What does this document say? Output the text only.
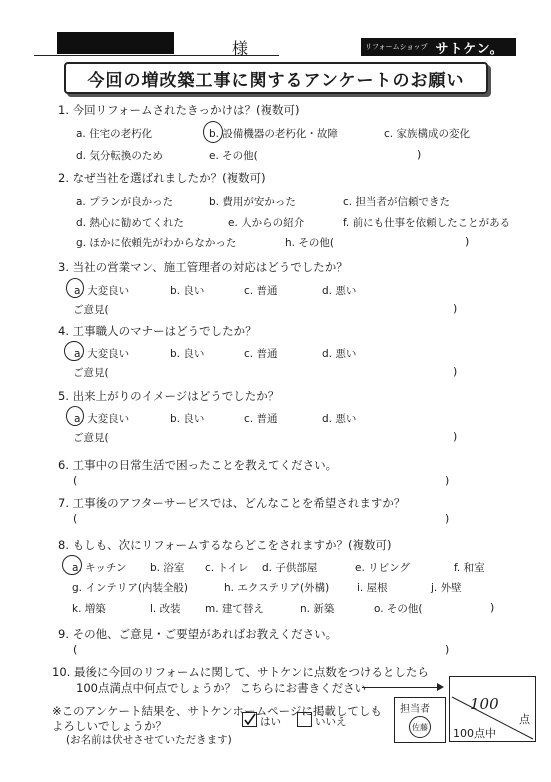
様	リフォームショップ サトケン。
今回の増改築工事に関するアンケートのお願い
1. 今回リフォームされたきっかけは？(複数可)
a. 住宅の老朽化	b. 設備機器の老朽化・故障	c. 家族構成の変化
d. 気分転換のため	e. その他(	)
2. なぜ当社を選ばれましたか？(複数可)
a. プランが良かった	b. 費用が安かった	c. 担当者が信頼できた
d. 熱心に勧めてくれた	e. 人からの紹介	f. 前にも仕事を依頼したことがある
g. ほかに依頼先がわからなかった	h. その他(	)
3. 当社の営業マン、施工管理者の対応はどうでしたか？
a. 大変良い	b. 良い	c. 普通	d. 悪い
ご意見(	)
4. 工事職人のマナーはどうでしたか？
a. 大変良い	b. 良い	c. 普通	d. 悪い
ご意見(	)
5. 出来上がりのイメージはどうでしたか？
a. 大変良い	b. 良い	c. 普通	d. 悪い
ご意見(	)
6. 工事中の日常生活で困ったことを教えてください。
(	)
7. 工事後のアフターサービスでは、どんなことを希望されますか？
(	)
8. もしも、次にリフォームするならどこをされますか？(複数可)
a. キッチン b. 浴室 c. トイレ d. 子供部屋	e. リビング	f. 和室
g. インテリア(内装全般)	h. エクステリア(外構)	i. 屋根	j. 外壁
k. 増築	l. 改装 m. 建て替え	n. 新築	o. その他(	)
9. その他、ご意見・ご要望があればお教えください。
(	)
10. 最後に今回のリフォームに関して、サトケンに点数をつけるとしたら
100点満点中何点でしょうか？ こちらにお書きください
100
点
100点中
※このアンケート結果を、サトケンホームページに掲載してしも
よろしいでしょうか？	はい	いいえ
(お名前は伏せさせていただきます)
担当者
佐藤
